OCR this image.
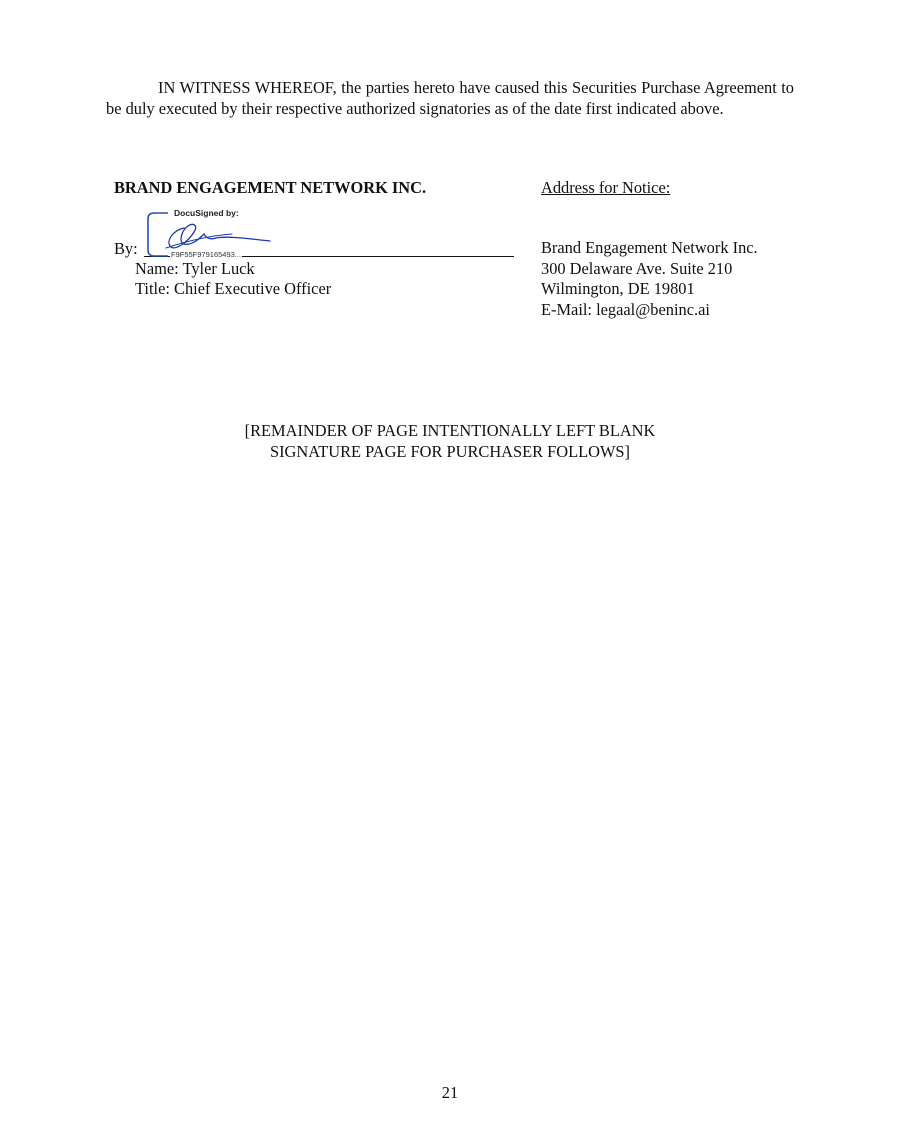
IN WITNESS WHEREOF, the parties hereto have caused this Securities Purchase Agreement to be duly executed by their respective authorized signatories as of the date first indicated above.

BRAND ENGAGEMENT NETWORK INC.
By:
DocuSigned by:
F9F55F979165493...
Name: Tyler Luck
Title: Chief Executive Officer
Address for Notice:
Brand Engagement Network Inc.
300 Delaware Ave. Suite 210
Wilmington, DE 19801
E-Mail: legaal@beninc.ai
[REMAINDER OF PAGE INTENTIONALLY LEFT BLANK
SIGNATURE PAGE FOR PURCHASER FOLLOWS]
21
